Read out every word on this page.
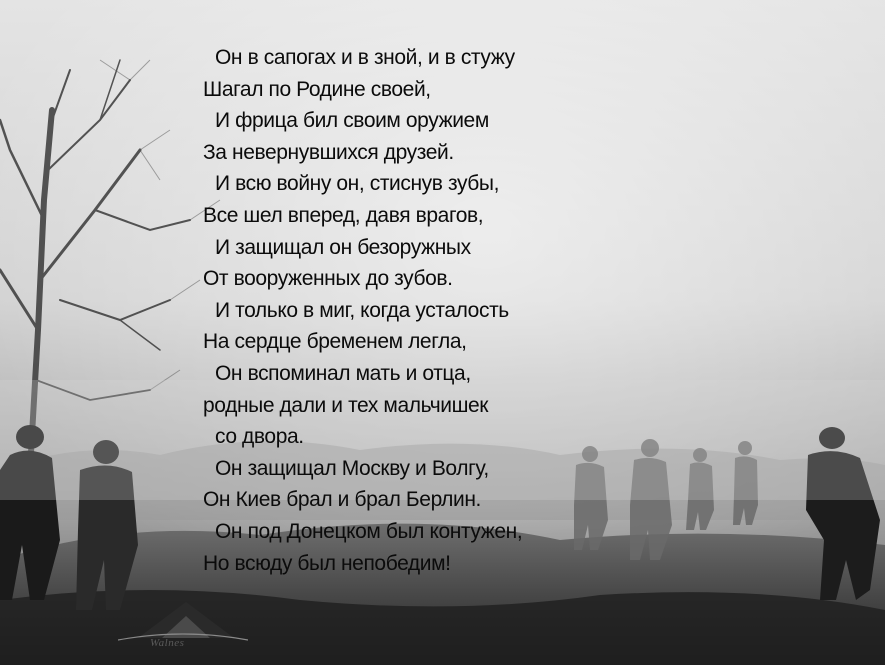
Он в сапогах и в зной, и в стужу
Шагал по Родине своей,
И фрица бил своим оружием
За невернувшихся друзей.
И всю войну он, стиснув зубы,
Все шел вперед, давя врагов,
И защищал он безоружных
От вооруженных до зубов.
И только в миг, когда усталость
На сердце бременем легла,
Он вспоминал мать и отца,
родные дали и тех мальчишек
со двора.
Он защищал Москву и Волгу,
Он Киев брал и брал Берлин.
Он под Донецком был контужен,
Но всюду был непобедим!
Walnes
